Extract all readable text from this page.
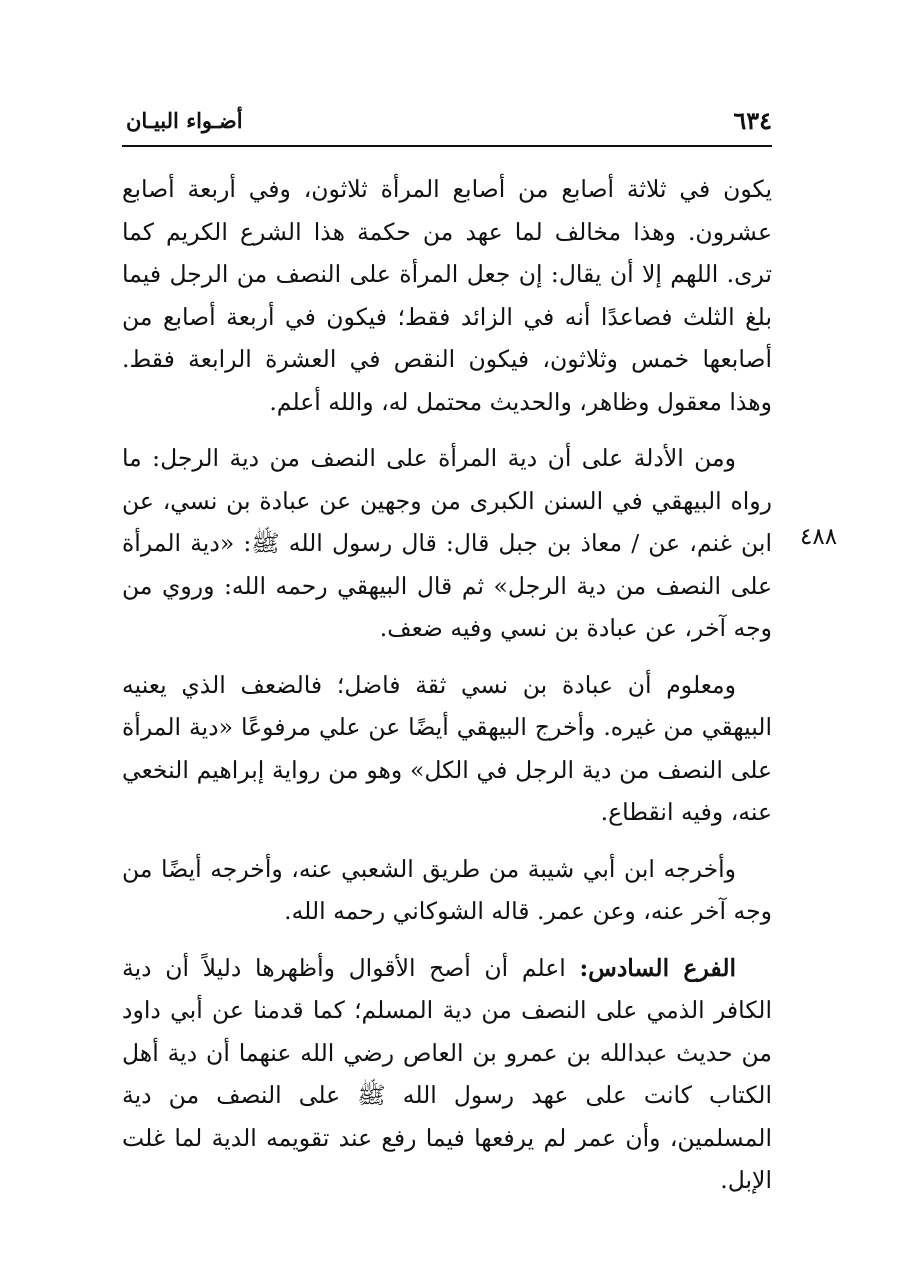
٦٣٤
أضـواء البيـان
٤٨٨

يكون في ثلاثة أصابع من أصابع المرأة ثلاثون، وفي أربعة أصابع عشرون. وهذا مخالف لما عهد من حكمة هذا الشرع الكريم كما ترى. اللهم إلا أن يقال: إن جعل المرأة على النصف من الرجل فيما بلغ الثلث فصاعدًا أنه في الزائد فقط؛ فيكون في أربعة أصابع من أصابعها خمس وثلاثون، فيكون النقص في العشرة الرابعة فقط. وهذا معقول وظاهر، والحديث محتمل له، والله أعلم.

ومن الأدلة على أن دية المرأة على النصف من دية الرجل: ما رواه البيهقي في السنن الكبرى من وجهين عن عبادة بن نسي، عن ابن غنم، عن / معاذ بن جبل قال: قال رسول الله ﷺ: «دية المرأة على النصف من دية الرجل» ثم قال البيهقي رحمه الله: وروي من وجه آخر، عن عبادة بن نسي وفيه ضعف.

ومعلوم أن عبادة بن نسي ثقة فاضل؛ فالضعف الذي يعنيه البيهقي من غيره. وأخرج البيهقي أيضًا عن علي مرفوعًا «دية المرأة على النصف من دية الرجل في الكل» وهو من رواية إبراهيم النخعي عنه، وفيه انقطاع.

وأخرجه ابن أبي شيبة من طريق الشعبي عنه، وأخرجه أيضًا من وجه آخر عنه، وعن عمر. قاله الشوكاني رحمه الله.

الفرع السادس: اعلم أن أصح الأقوال وأظهرها دليلاً أن دية الكافر الذمي على النصف من دية المسلم؛ كما قدمنا عن أبي داود من حديث عبدالله بن عمرو بن العاص رضي الله عنهما أن دية أهل الكتاب كانت على عهد رسول الله ﷺ على النصف من دية المسلمين، وأن عمر لم يرفعها فيما رفع عند تقويمه الدية لما غلت الإبل.
